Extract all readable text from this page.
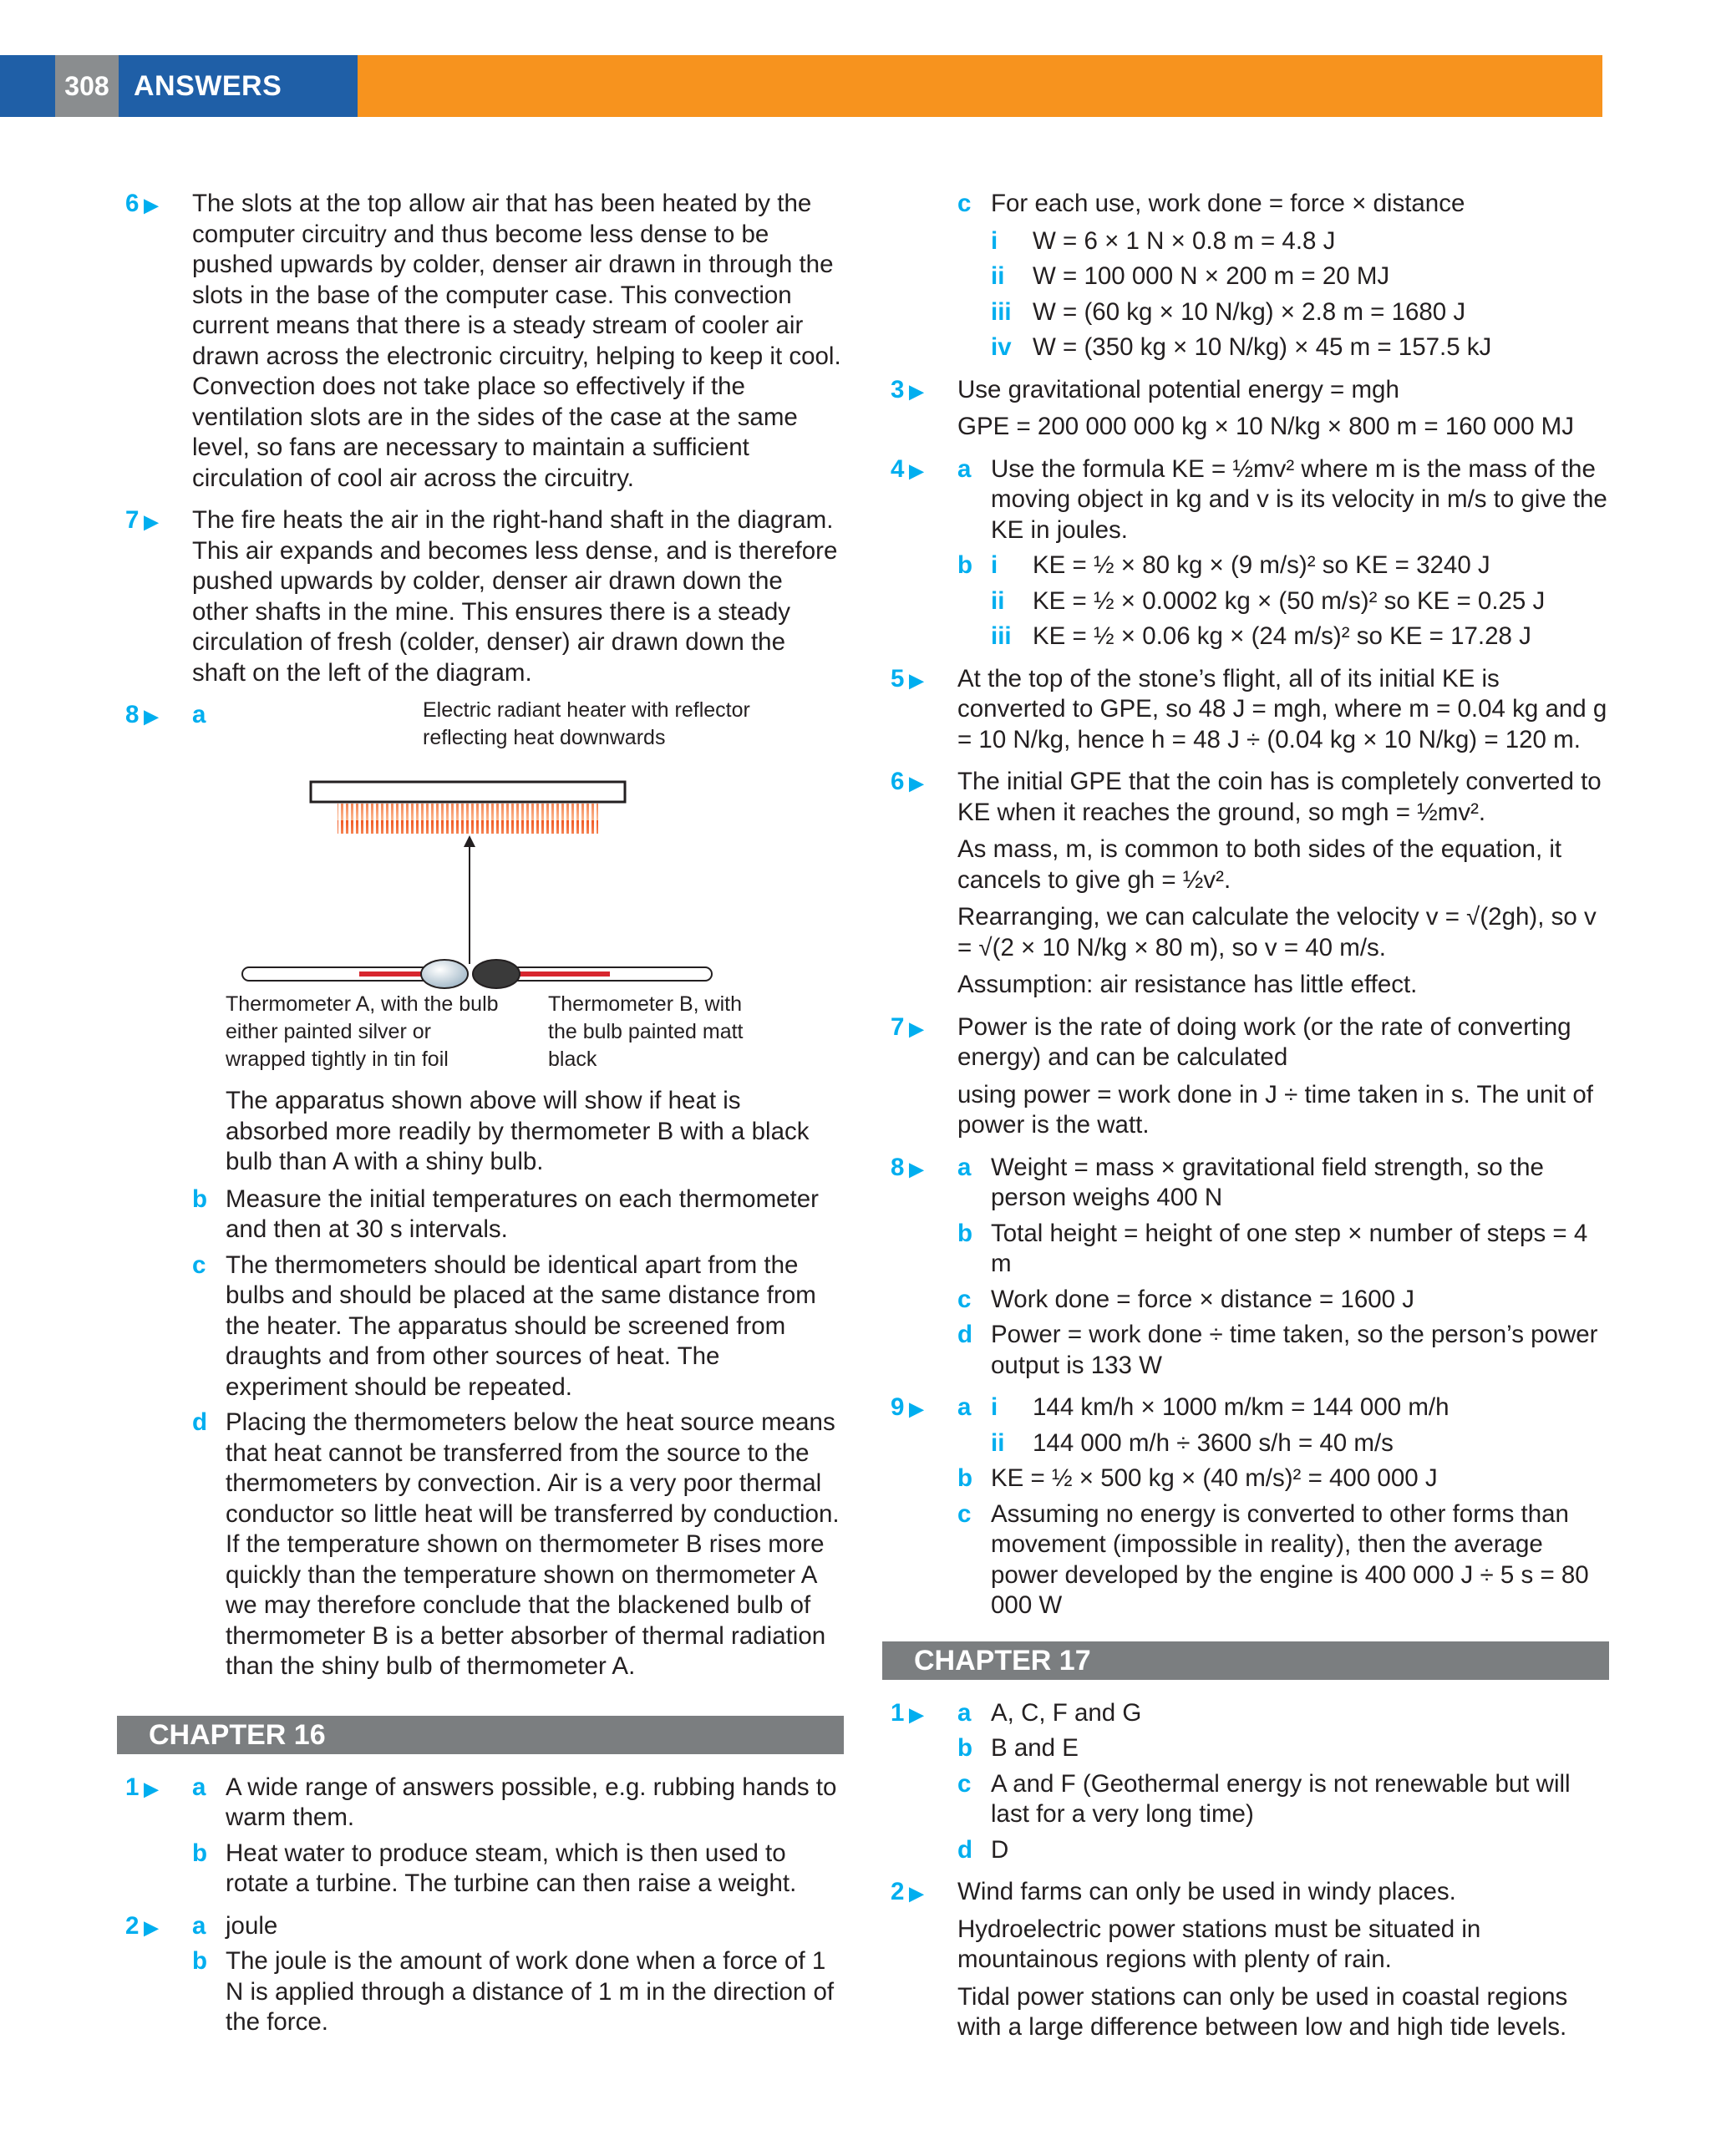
308 ANSWERS
6 ▶	The slots at the top allow air that has been heated by the computer circuitry and thus become less dense to be pushed upwards by colder, denser air drawn in through the slots in the base of the computer case. This convection current means that there is a steady stream of cooler air drawn across the electronic circuitry, helping to keep it cool. Convection does not take place so effectively if the ventilation slots are in the sides of the case at the same level, so fans are necessary to maintain a sufficient circulation of cool air across the circuitry.

7 ▶	The fire heats the air in the right-hand shaft in the diagram. This air expands and becomes less dense, and is therefore pushed upwards by colder, denser air drawn down the other shafts in the mine. This ensures there is a steady circulation of fresh (colder, denser) air drawn down the shaft on the left of the diagram.

8 ▶ a	Electric radiant heater with reflector reflecting heat downwards
Thermometer A, with the bulb either painted silver or wrapped tightly in tin foil
Thermometer B, with the bulb painted matt black

The apparatus shown above will show if heat is absorbed more readily by thermometer B with a black bulb than A with a shiny bulb.

b Measure the initial temperatures on each thermometer and then at 30 s intervals.

c The thermometers should be identical apart from the bulbs and should be placed at the same distance from the heater. The apparatus should be screened from draughts and from other sources of heat. The experiment should be repeated.

d Placing the thermometers below the heat source means that heat cannot be transferred from the source to the thermometers by convection. Air is a very poor thermal conductor so little heat will be transferred by conduction. If the temperature shown on thermometer B rises more quickly than the temperature shown on thermometer A we may therefore conclude that the blackened bulb of thermometer B is a better absorber of thermal radiation than the shiny bulb of thermometer A.

CHAPTER 16
1 ▶ a A wide range of answers possible, e.g. rubbing hands to warm them.

b Heat water to produce steam, which is then used to rotate a turbine. The turbine can then raise a weight.

2 ▶ a joule

b The joule is the amount of work done when a force of 1 N is applied through a distance of 1 m in the direction of the force.

c For each use, work done = force × distance

i W = 6 × 1 N × 0.8 m = 4.8 J

ii W = 100 000 N × 200 m = 20 MJ

iii W = (60 kg × 10 N/kg) × 2.8 m = 1680 J

iv W = (350 kg × 10 N/kg) × 45 m = 157.5 kJ

3 ▶	Use gravitational potential energy = mgh

GPE = 200 000 000 kg × 10 N/kg × 800 m = 160 000 MJ

4 ▶ a Use the formula KE = ½mv² where m is the mass of the moving object in kg and v is its velocity in m/s to give the KE in joules.

b i KE = ½ × 80 kg × (9 m/s)² so KE = 3240 J

ii KE = ½ × 0.0002 kg × (50 m/s)² so KE = 0.25 J

iii KE = ½ × 0.06 kg × (24 m/s)² so KE = 17.28 J

5 ▶	At the top of the stone’s flight, all of its initial KE is converted to GPE, so 48 J = mgh, where m = 0.04 kg and g = 10 N/kg, hence h = 48 J ÷ (0.04 kg × 10 N/kg) = 120 m.

6 ▶	The initial GPE that the coin has is completely converted to KE when it reaches the ground, so mgh = ½mv².

As mass, m, is common to both sides of the equation, it cancels to give gh = ½v².

Rearranging, we can calculate the velocity v = √(2gh), so v = √(2 × 10 N/kg × 80 m), so v = 40 m/s.

Assumption: air resistance has little effect.

7 ▶	Power is the rate of doing work (or the rate of converting energy) and can be calculated

using power = work done in J ÷ time taken in s. The unit of power is the watt.

8 ▶ a Weight = mass × gravitational field strength, so the person weighs 400 N

b Total height = height of one step × number of steps = 4 m

c Work done = force × distance = 1600 J

d Power = work done ÷ time taken, so the person’s power output is 133 W

9 ▶ a i 144 km/h × 1000 m/km = 144 000 m/h

ii 144 000 m/h ÷ 3600 s/h = 40 m/s

b KE = ½ × 500 kg × (40 m/s)² = 400 000 J

c Assuming no energy is converted to other forms than movement (impossible in reality), then the average power developed by the engine is 400 000 J ÷ 5 s = 80 000 W

CHAPTER 17
1 ▶ a A, C, F and G

b B and E

c A and F (Geothermal energy is not renewable but will last for a very long time)

d D

2 ▶	Wind farms can only be used in windy places.

Hydroelectric power stations must be situated in mountainous regions with plenty of rain.

Tidal power stations can only be used in coastal regions with a large difference between low and high tide levels.
